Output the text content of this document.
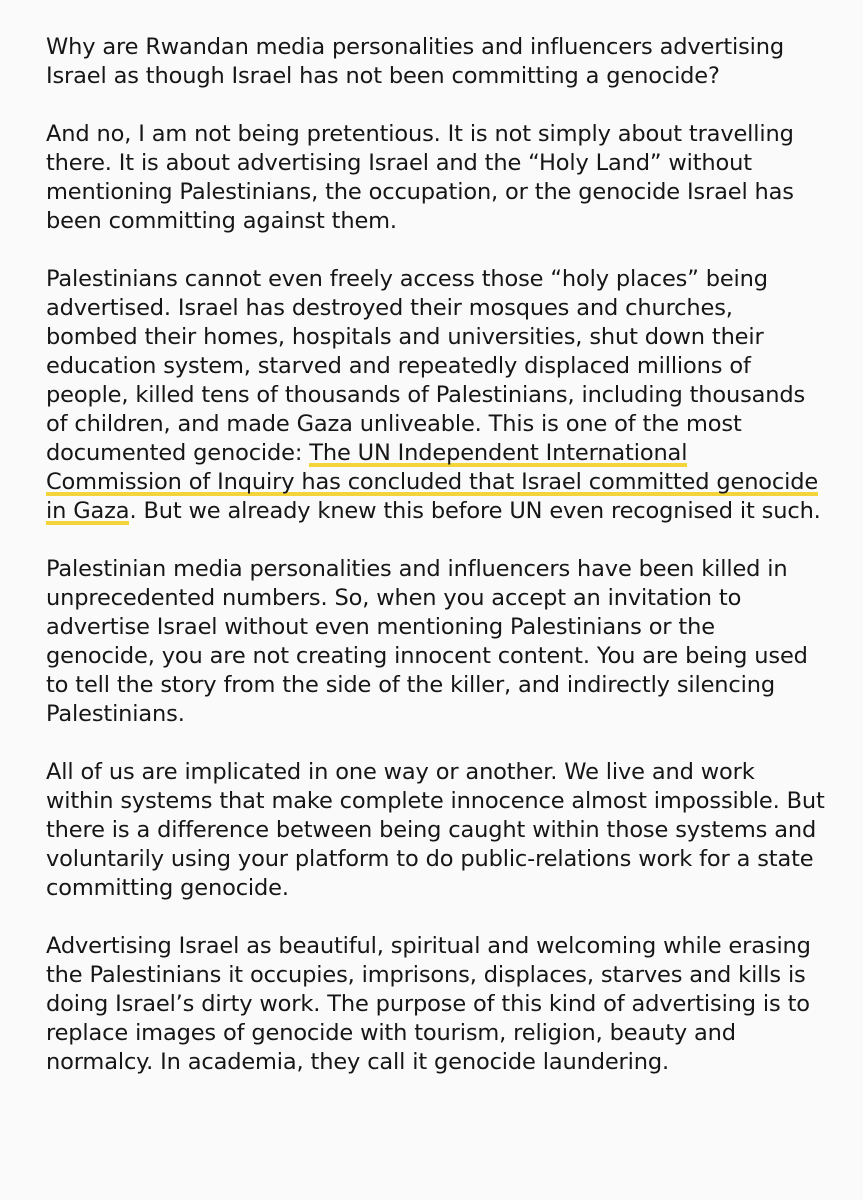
Why are Rwandan media personalities and influencers advertising Israel as though Israel has not been committing a genocide?

And no, I am not being pretentious. It is not simply about travelling there. It is about advertising Israel and the “Holy Land” without mentioning Palestinians, the occupation, or the genocide Israel has been committing against them.

Palestinians cannot even freely access those “holy places” being advertised. Israel has destroyed their mosques and churches, bombed their homes, hospitals and universities, shut down their education system, starved and repeatedly displaced millions of people, killed tens of thousands of Palestinians, including thousands of children, and made Gaza unliveable. This is one of the most documented genocide: The UN Independent International Commission of Inquiry has concluded that Israel committed genocide in Gaza. But we already knew this before UN even recognised it such.

Palestinian media personalities and influencers have been killed in unprecedented numbers. So, when you accept an invitation to advertise Israel without even mentioning Palestinians or the genocide, you are not creating innocent content. You are being used to tell the story from the side of the killer, and indirectly silencing Palestinians.

All of us are implicated in one way or another. We live and work within systems that make complete innocence almost impossible. But there is a difference between being caught within those systems and voluntarily using your platform to do public-relations work for a state committing genocide.

Advertising Israel as beautiful, spiritual and welcoming while erasing the Palestinians it occupies, imprisons, displaces, starves and kills is doing Israel’s dirty work. The purpose of this kind of advertising is to replace images of genocide with tourism, religion, beauty and normalcy. In academia, they call it genocide laundering.
